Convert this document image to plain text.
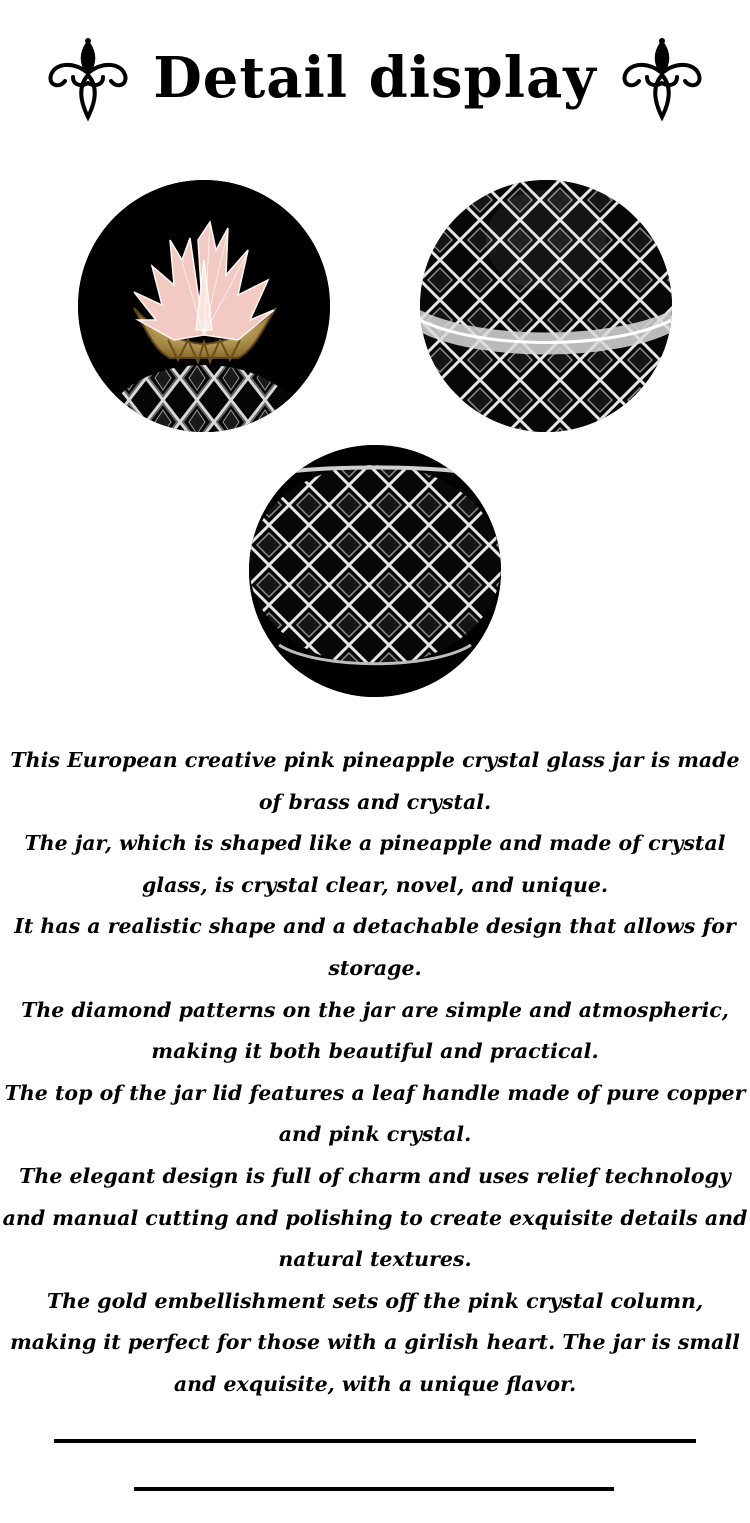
Detail display

This European creative pink pineapple crystal glass jar is made of brass and crystal.

The jar, which is shaped like a pineapple and made of crystal glass, is crystal clear, novel, and unique.

It has a realistic shape and a detachable design that allows for storage.

The diamond patterns on the jar are simple and atmospheric, making it both beautiful and practical.

The top of the jar lid features a leaf handle made of pure copper and pink crystal.

The elegant design is full of charm and uses relief technology and manual cutting and polishing to create exquisite details and natural textures.

The gold embellishment sets off the pink crystal column, making it perfect for those with a girlish heart. The jar is small and exquisite, with a unique flavor.
